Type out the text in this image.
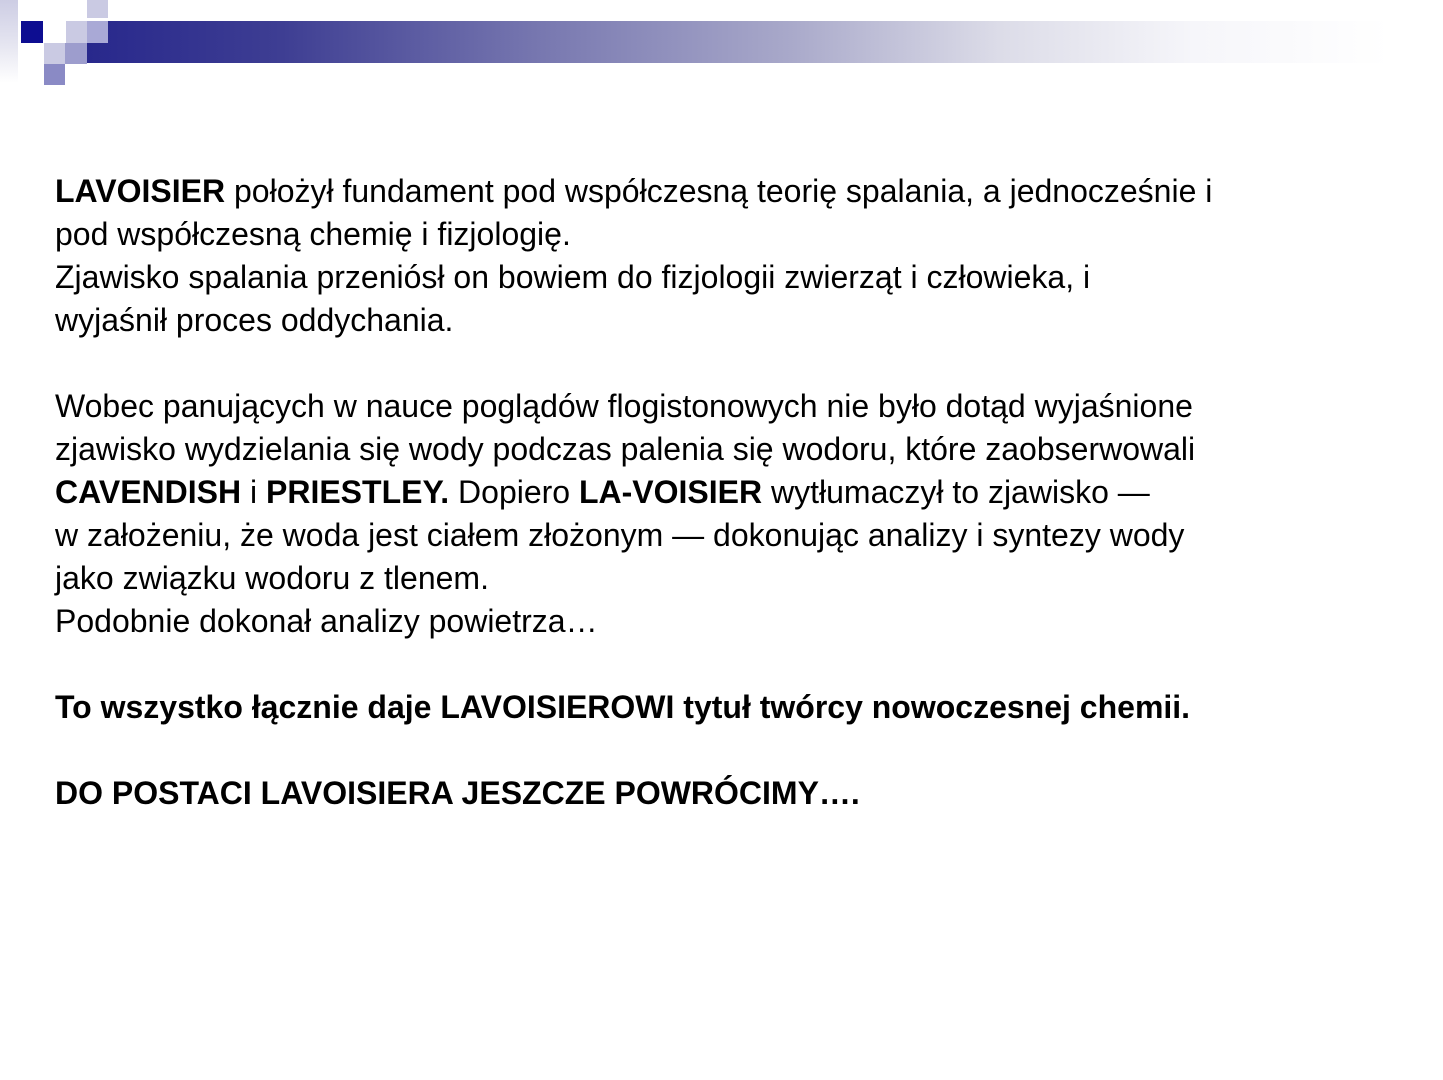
LAVOISIER położył fundament pod współczesną teorię spalania, a jednocześnie i
pod współczesną chemię i fizjologię.
Zjawisko spalania przeniósł on bowiem do fizjologii zwierząt i człowieka, i
wyjaśnił proces oddychania.
Wobec panujących w nauce poglądów flogistonowych nie było dotąd wyjaśnione
zjawisko wydzielania się wody podczas palenia się wodoru, które zaobserwowali
CAVENDISH i PRIESTLEY. Dopiero LA-VOISIER wytłumaczył to zjawisko —
w założeniu, że woda jest ciałem złożonym — dokonując analizy i syntezy wody
jako związku wodoru z tlenem.
Podobnie dokonał analizy powietrza…
To wszystko łącznie daje LAVOISIEROWI tytuł twórcy nowoczesnej chemii.
DO POSTACI LAVOISIERA JESZCZE POWRÓCIMY….
